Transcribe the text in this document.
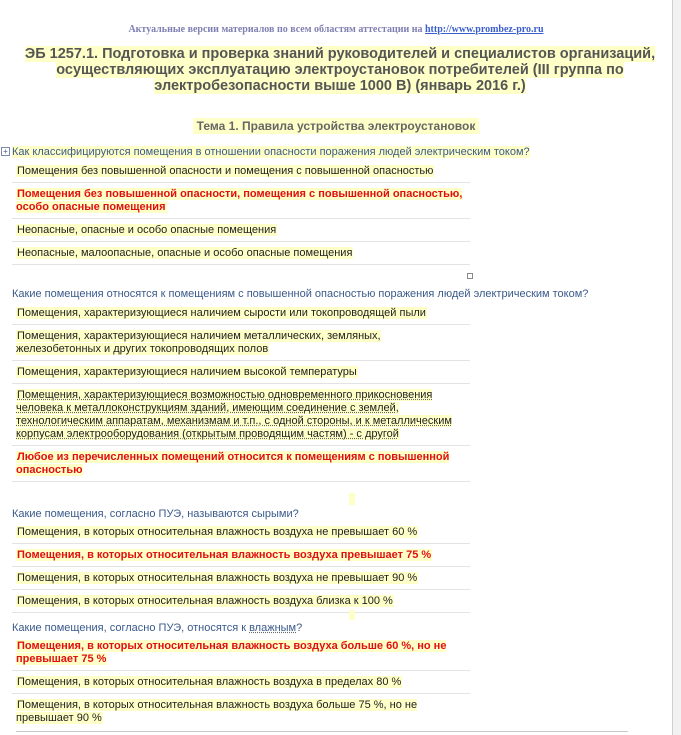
Актуальные версии материалов по всем областям аттестации на http://www.prombez-pro.ru
ЭБ 1257.1. Подготовка и проверка знаний руководителей и специалистов организаций, осуществляющих эксплуатацию электроустановок потребителей (III группа по электробезопасности выше 1000 В) (январь 2016 г.)
Тема 1. Правила устройства электроустановок
+ Как классифицируются помещения в отношении опасности поражения людей электрическим током?
Помещения без повышенной опасности и помещения с повышенной опасностью
Помещения без повышенной опасности, помещения с повышенной опасностью, особо опасные помещения
Неопасные, опасные и особо опасные помещения
Неопасные, малоопасные, опасные и особо опасные помещения
Какие помещения относятся к помещениям с повышенной опасностью поражения людей электрическим током?
Помещения, характеризующиеся наличием сырости или токопроводящей пыли
Помещения, характеризующиеся наличием металлических, земляных, железобетонных и других токопроводящих полов
Помещения, характеризующиеся наличием высокой температуры
Помещения, характеризующиеся возможностью одновременного прикосновения человека к металлоконструкциям зданий, имеющим соединение с землей, технологическим аппаратам, механизмам и т.п., с одной стороны, и к металлическим корпусам электрооборудования (открытым проводящим частям) - с другой
Любое из перечисленных помещений относится к помещениям с повышенной опасностью
Какие помещения, согласно ПУЭ, называются сырыми?
Помещения, в которых относительная влажность воздуха не превышает 60 %
Помещения, в которых относительная влажность воздуха превышает 75 %
Помещения, в которых относительная влажность воздуха не превышает 90 %
Помещения, в которых относительная влажность воздуха близка к 100 %
Какие помещения, согласно ПУЭ, относятся к влажным?
Помещения, в которых относительная влажность воздуха больше 60 %, но не превышает 75 %
Помещения, в которых относительная влажность воздуха в пределах 80 %
Помещения, в которых относительная влажность воздуха больше 75 %, но не превышает 90 %
